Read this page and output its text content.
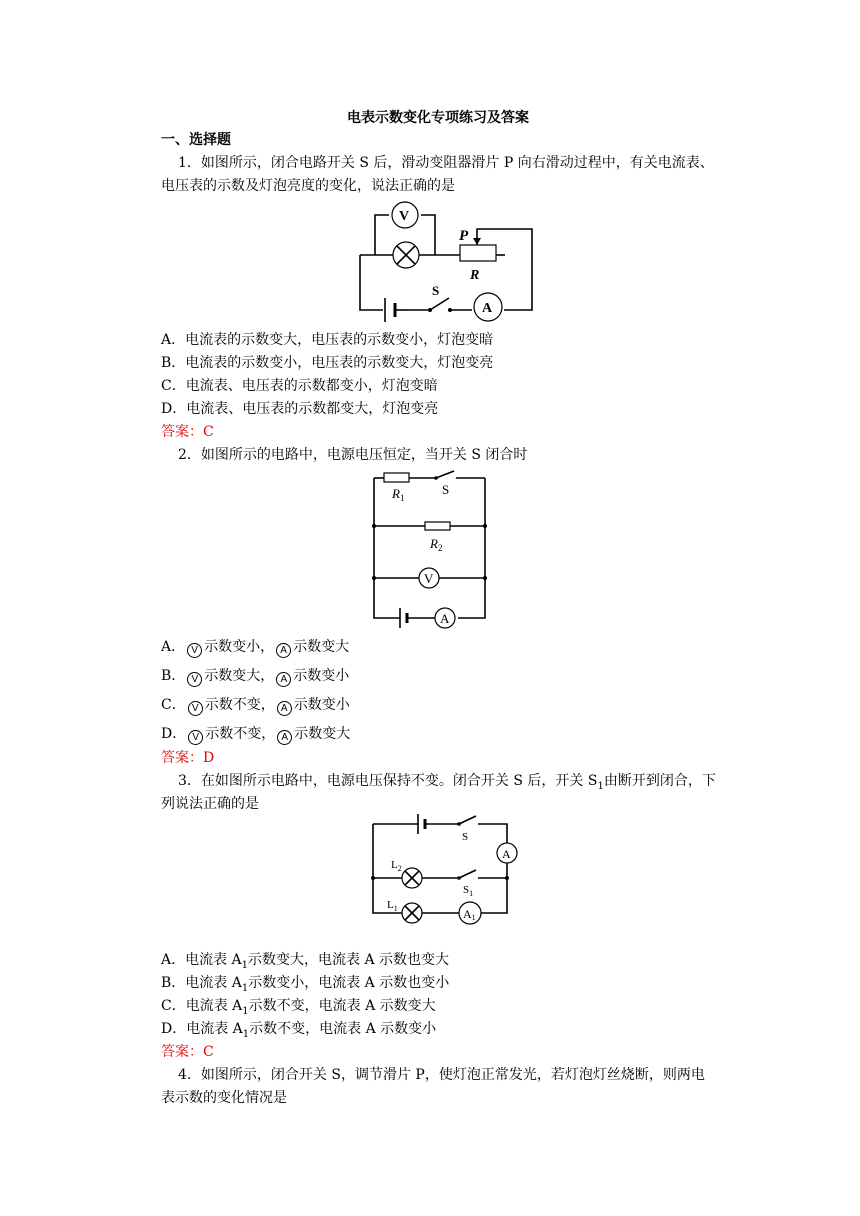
电表示数变化专项练习及答案
一、选择题
1．如图所示，闭合电路开关 S 后，滑动变阻器滑片 P 向右滑动过程中，有关电流表、
电压表的示数及灯泡亮度的变化，说法正确的是
S
A
V
P
R
A．电流表的示数变大，电压表的示数变小，灯泡变暗
B．电流表的示数变小，电压表的示数变大，灯泡变亮
C．电流表、电压表的示数都变小，灯泡变暗
D．电流表、电压表的示数都变大，灯泡变亮
答案：C
2．如图所示的电路中，电源电压恒定，当开关 S 闭合时
$R_1$
S
$R_2$
V
A
A． V 示数变小， A 示数变大
B． V 示数变大， A 示数变小
C． V 示数不变， A 示数变小
D． V 示数不变， A 示数变大
答案：D
3．在如图所示电路中，电源电压保持不变。闭合开关 S 后，开关 $S_1$由断开到闭合，下
列说法正确的是
S
A
$L_2$
$S_1$
$L_1$	A1
A．电流表 $A_1$示数变大，电流表 A 示数也变大
B．电流表 $A_1$示数变小，电流表 A 示数也变小
C．电流表 $A_1$示数不变，电流表 A 示数变大
D．电流表 $A_1$示数不变，电流表 A 示数变小
答案：C
4．如图所示，闭合开关 S，调节滑片 P，使灯泡正常发光，若灯泡灯丝烧断，则两电
表示数的变化情况是
